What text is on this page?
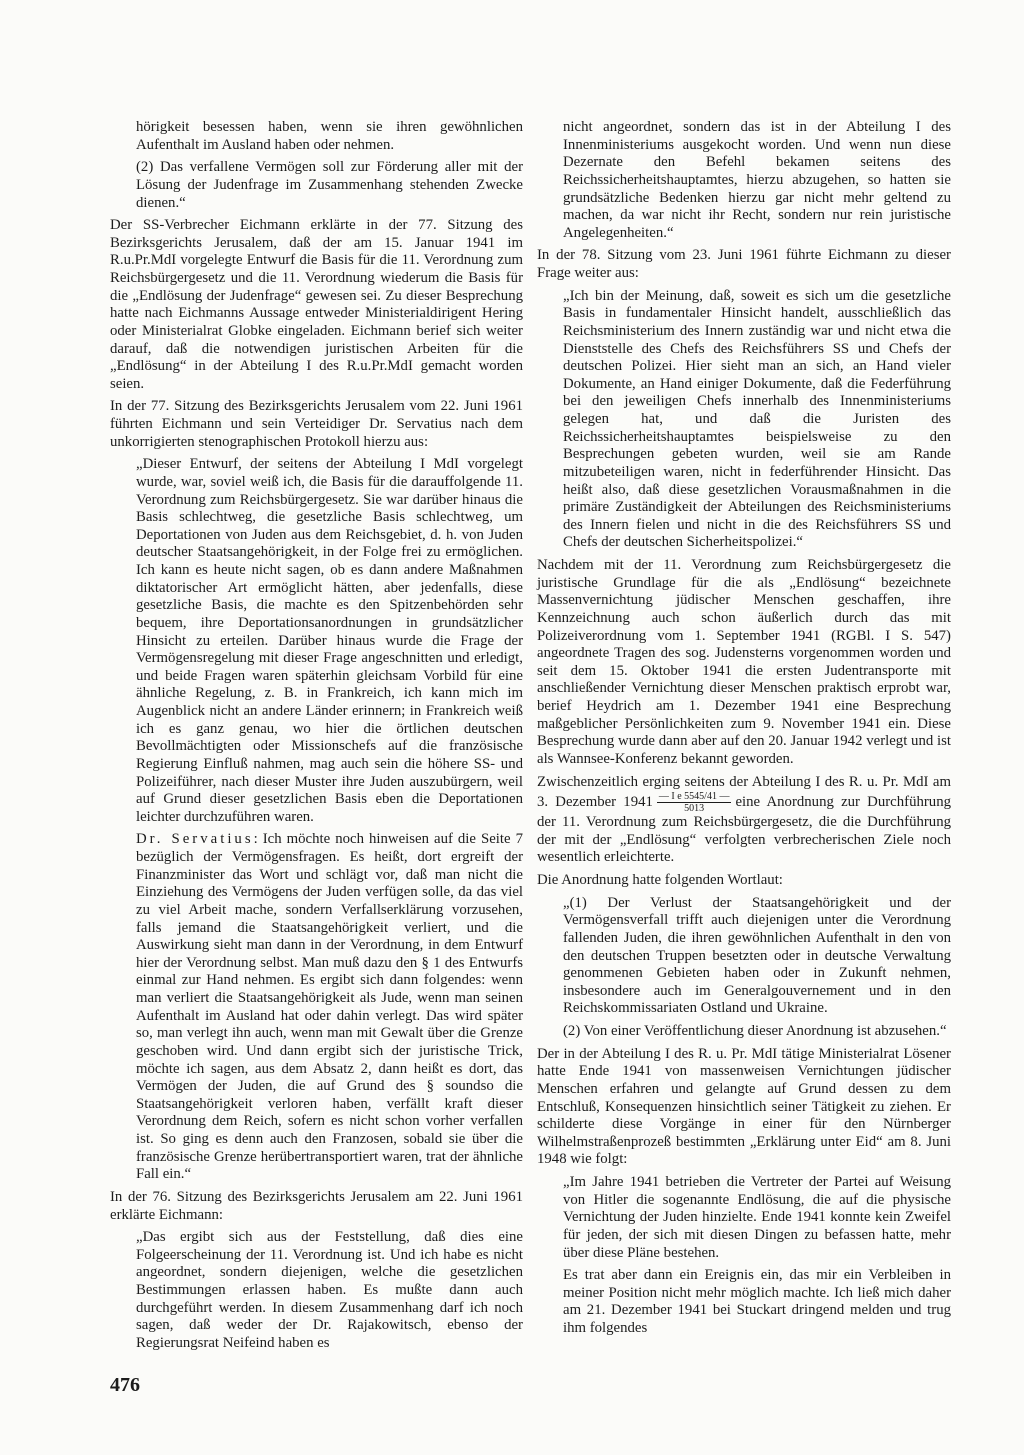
hörigkeit besessen haben, wenn sie ihren gewöhnlichen Aufenthalt im Ausland haben oder nehmen.

(2) Das verfallene Vermögen soll zur Förderung aller mit der Lösung der Judenfrage im Zusammenhang stehenden Zwecke dienen.“

Der SS-Verbrecher Eichmann erklärte in der 77. Sitzung des Bezirksgerichts Jerusalem, daß der am 15. Januar 1941 im R.u.Pr.MdI vorgelegte Entwurf die Basis für die 11. Verordnung zum Reichsbürgergesetz und die 11. Verordnung wiederum die Basis für die „Endlösung der Judenfrage“ gewesen sei. Zu dieser Besprechung hatte nach Eichmanns Aussage entweder Ministerialdirigent Hering oder Ministerialrat Globke eingeladen. Eichmann berief sich weiter darauf, daß die notwendigen juristischen Arbeiten für die „Endlösung“ in der Abteilung I des R.u.Pr.MdI gemacht worden seien.

In der 77. Sitzung des Bezirksgerichts Jerusalem vom 22. Juni 1961 führten Eichmann und sein Verteidiger Dr. Servatius nach dem unkorrigierten stenographischen Protokoll hierzu aus:

„Dieser Entwurf, der seitens der Abteilung I MdI vorgelegt wurde, war, soviel weiß ich, die Basis für die darauffolgende 11. Verordnung zum Reichsbürgergesetz. Sie war darüber hinaus die Basis schlechtweg, die gesetzliche Basis schlechtweg, um Deportationen von Juden aus dem Reichsgebiet, d. h. von Juden deutscher Staatsangehörigkeit, in der Folge frei zu ermöglichen. Ich kann es heute nicht sagen, ob es dann andere Maßnahmen diktatorischer Art ermöglicht hätten, aber jedenfalls, diese gesetzliche Basis, die machte es den Spitzenbehörden sehr bequem, ihre Deportationsanordnungen in grundsätzlicher Hinsicht zu erteilen. Darüber hinaus wurde die Frage der Vermögensregelung mit dieser Frage angeschnitten und erledigt, und beide Fragen waren späterhin gleichsam Vorbild für eine ähnliche Regelung, z. B. in Frankreich, ich kann mich im Augenblick nicht an andere Länder erinnern; in Frankreich weiß ich es ganz genau, wo hier die örtlichen deutschen Bevollmächtigten oder Missionschefs auf die französische Regierung Einfluß nahmen, mag auch sein die höhere SS- und Polizeiführer, nach dieser Muster ihre Juden auszubürgern, weil auf Grund dieser gesetzlichen Basis eben die Deportationen leichter durchzuführen waren.

Dr. Servatius: Ich möchte noch hinweisen auf die Seite 7 bezüglich der Vermögensfragen. Es heißt, dort ergreift der Finanzminister das Wort und schlägt vor, daß man nicht die Einziehung des Vermögens der Juden verfügen solle, da das viel zu viel Arbeit mache, sondern Verfallserklärung vorzusehen, falls jemand die Staatsangehörigkeit verliert, und die Auswirkung sieht man dann in der Verordnung, in dem Entwurf hier der Verordnung selbst. Man muß dazu den § 1 des Entwurfs einmal zur Hand nehmen. Es ergibt sich dann folgendes: wenn man verliert die Staatsangehörigkeit als Jude, wenn man seinen Aufenthalt im Ausland hat oder dahin verlegt. Das wird später so, man verlegt ihn auch, wenn man mit Gewalt über die Grenze geschoben wird. Und dann ergibt sich der juristische Trick, möchte ich sagen, aus dem Absatz 2, dann heißt es dort, das Vermögen der Juden, die auf Grund des § soundso die Staatsangehörigkeit verloren haben, verfällt kraft dieser Verordnung dem Reich, sofern es nicht schon vorher verfallen ist. So ging es denn auch den Franzosen, sobald sie über die französische Grenze herübertransportiert waren, trat der ähnliche Fall ein.“

In der 76. Sitzung des Bezirksgerichts Jerusalem am 22. Juni 1961 erklärte Eichmann:

„Das ergibt sich aus der Feststellung, daß dies eine Folgeerscheinung der 11. Verordnung ist. Und ich habe es nicht angeordnet, sondern diejenigen, welche die gesetzlichen Bestimmungen erlassen haben. Es mußte dann auch durchgeführt werden. In diesem Zusammenhang darf ich noch sagen, daß weder der Dr. Rajakowitsch, ebenso der Regierungsrat Neifeind haben es

nicht angeordnet, sondern das ist in der Abteilung I des Innenministeriums ausgekocht worden. Und wenn nun diese Dezernate den Befehl bekamen seitens des Reichssicherheitshauptamtes, hierzu abzugehen, so hatten sie grundsätzliche Bedenken hierzu gar nicht mehr geltend zu machen, da war nicht ihr Recht, sondern nur rein juristische Angelegenheiten.“

In der 78. Sitzung vom 23. Juni 1961 führte Eichmann zu dieser Frage weiter aus:

„Ich bin der Meinung, daß, soweit es sich um die gesetzliche Basis in fundamentaler Hinsicht handelt, ausschließlich das Reichsministerium des Innern zuständig war und nicht etwa die Dienststelle des Chefs des Reichsführers SS und Chefs der deutschen Polizei. Hier sieht man an sich, an Hand vieler Dokumente, an Hand einiger Dokumente, daß die Federführung bei den jeweiligen Chefs innerhalb des Innenministeriums gelegen hat, und daß die Juristen des Reichssicherheitshauptamtes beispielsweise zu den Besprechungen gebeten wurden, weil sie am Rande mitzubeteiligen waren, nicht in federführender Hinsicht. Das heißt also, daß diese gesetzlichen Vorausmaßnahmen in die primäre Zuständigkeit der Abteilungen des Reichsministeriums des Innern fielen und nicht in die des Reichsführers SS und Chefs der deutschen Sicherheitspolizei.“

Nachdem mit der 11. Verordnung zum Reichsbürgergesetz die juristische Grundlage für die als „Endlösung“ bezeichnete Massenvernichtung jüdischer Menschen geschaffen, ihre Kennzeichnung auch schon äußerlich durch das mit Polizeiverordnung vom 1. September 1941 (RGBl. I S. 547) angeordnete Tragen des sog. Judensterns vorgenommen worden und seit dem 15. Oktober 1941 die ersten Judentransporte mit anschließender Vernichtung dieser Menschen praktisch erprobt war, berief Heydrich am 1. Dezember 1941 eine Besprechung maßgeblicher Persönlichkeiten zum 9. November 1941 ein. Diese Besprechung wurde dann aber auf den 20. Januar 1942 verlegt und ist als Wannsee-Konferenz bekannt geworden.

Zwischenzeitlich erging seitens der Abteilung I des R. u. Pr. MdI am 3. Dezember $1941 \frac{\text{— I e 5545/41 —}}{5013}$ eine Anordnung zur Durchführung der 11. Verordnung zum Reichsbürgergesetz, die die Durchführung der mit der „Endlösung“ verfolgten verbrecherischen Ziele noch wesentlich erleichterte.

Die Anordnung hatte folgenden Wortlaut:

„(1) Der Verlust der Staatsangehörigkeit und der Vermögensverfall trifft auch diejenigen unter die Verordnung fallenden Juden, die ihren gewöhnlichen Aufenthalt in den von den deutschen Truppen besetzten oder in deutsche Verwaltung genommenen Gebieten haben oder in Zukunft nehmen, insbesondere auch im Generalgouvernement und in den Reichskommissariaten Ostland und Ukraine.

(2) Von einer Veröffentlichung dieser Anordnung ist abzusehen.“

Der in der Abteilung I des R. u. Pr. MdI tätige Ministerialrat Lösener hatte Ende 1941 von massenweisen Vernichtungen jüdischer Menschen erfahren und gelangte auf Grund dessen zu dem Entschluß, Konsequenzen hinsichtlich seiner Tätigkeit zu ziehen. Er schilderte diese Vorgänge in einer für den Nürnberger Wilhelmstraßenprozeß bestimmten „Erklärung unter Eid“ am 8. Juni 1948 wie folgt:

„Im Jahre 1941 betrieben die Vertreter der Partei auf Weisung von Hitler die sogenannte Endlösung, die auf die physische Vernichtung der Juden hinzielte. Ende 1941 konnte kein Zweifel für jeden, der sich mit diesen Dingen zu befassen hatte, mehr über diese Pläne bestehen.

Es trat aber dann ein Ereignis ein, das mir ein Verbleiben in meiner Position nicht mehr möglich machte. Ich ließ mich daher am 21. Dezember 1941 bei Stuckart dringend melden und trug ihm folgendes

476
